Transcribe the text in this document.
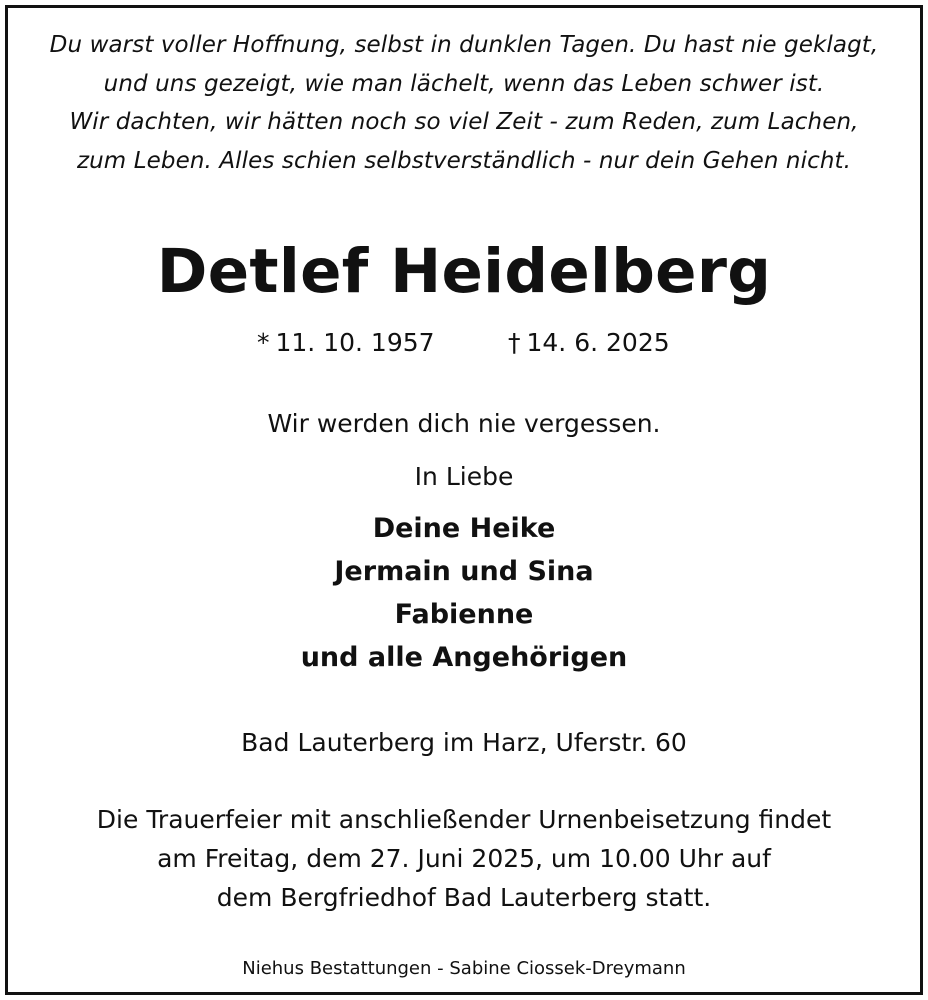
Du warst voller Hoffnung, selbst in dunklen Tagen. Du hast nie geklagt,
und uns gezeigt, wie man lächelt, wenn das Leben schwer ist.
Wir dachten, wir hätten noch so viel Zeit - zum Reden, zum Lachen,
zum Leben. Alles schien selbstverständlich - nur dein Gehen nicht.
Detlef Heidelberg
* 11. 10. 1957	† 14. 6. 2025
Wir werden dich nie vergessen.
In Liebe
Deine Heike
Jermain und Sina
Fabienne
und alle Angehörigen
Bad Lauterberg im Harz, Uferstr. 60
Die Trauerfeier mit anschließender Urnenbeisetzung findet
am Freitag, dem 27. Juni 2025, um 10.00 Uhr auf
dem Bergfriedhof Bad Lauterberg statt.
Niehus Bestattungen - Sabine Ciossek-Dreymann
